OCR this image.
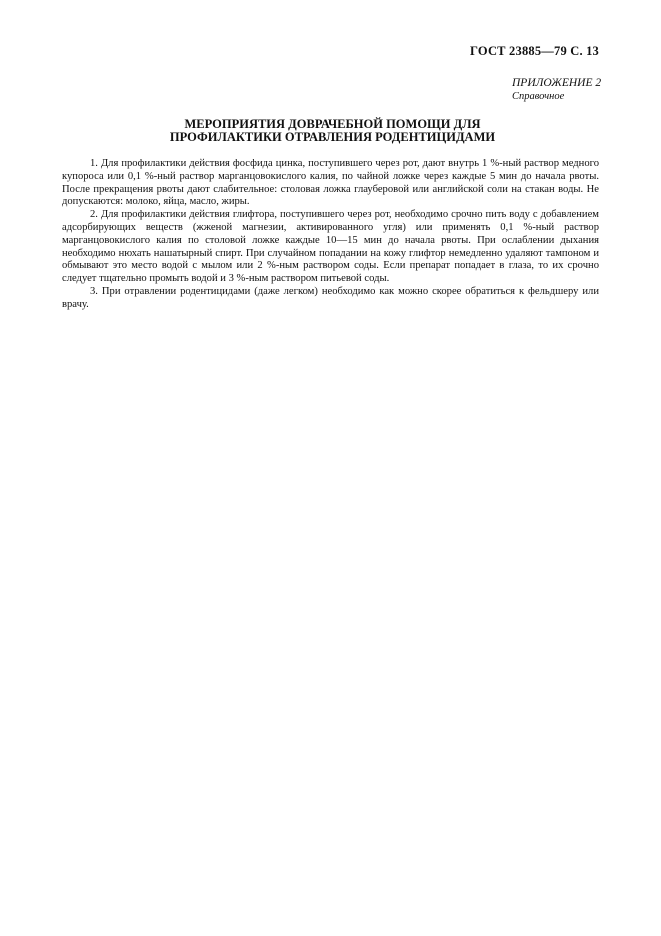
ГОСТ 23885—79 С. 13
ПРИЛОЖЕНИЕ 2
Справочное
МЕРОПРИЯТИЯ ДОВРАЧЕБНОЙ ПОМОЩИ ДЛЯ
ПРОФИЛАКТИКИ ОТРАВЛЕНИЯ РОДЕНТИЦИДАМИ

1. Для профилактики действия фосфида цинка, поступившего через рот, дают внутрь 1 %-ный раствор медного купороса или 0,1 %-ный раствор марганцовокислого калия, по чайной ложке через каждые 5 мин до начала рвоты. После прекращения рвоты дают слабительное: столовая ложка глауберовой или английской соли на стакан воды. Не допускаются: молоко, яйца, масло, жиры.

2. Для профилактики действия глифтора, поступившего через рот, необходимо срочно пить воду с добавлением адсорбирующих веществ (жженой магнезии, активированного угля) или применять 0,1 %-ный раствор марганцовокислого калия по столовой ложке каждые 10—15 мин до начала рвоты. При ослаблении дыхания необходимо нюхать нашатырный спирт. При случайном попадании на кожу глифтор немедленно удаляют тампоном и обмывают это место водой с мылом или 2 %-ным раствором соды. Если препарат попадает в глаза, то их срочно следует тщательно промыть водой и 3 %-ным раствором питьевой соды.

3. При отравлении родентицидами (даже легком) необходимо как можно скорее обратиться к фельдшеру или врачу.
